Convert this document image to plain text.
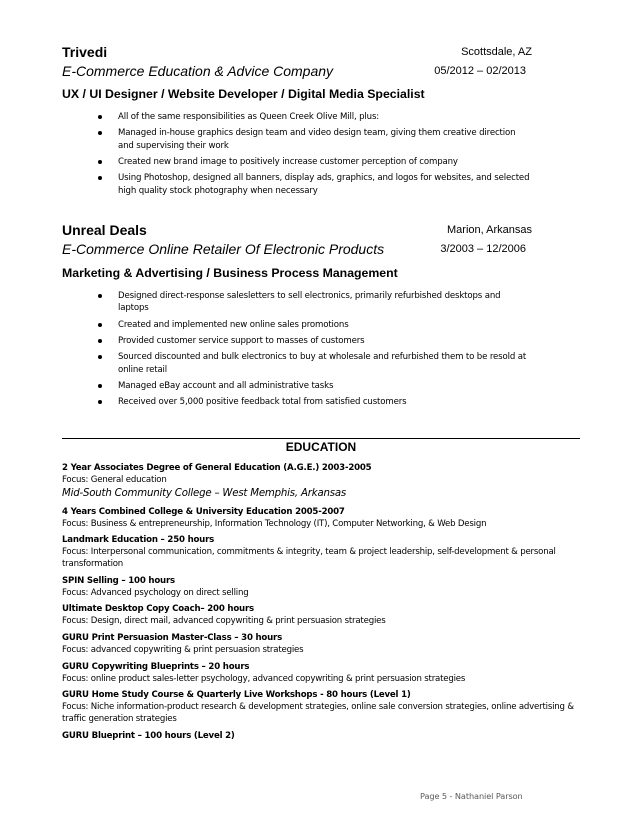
Trivedi	Scottsdale, AZ
E-Commerce Education & Advice Company	05/2012 – 02/2013
UX / UI Designer / Website Developer / Digital Media Specialist
All of the same responsibilities as Queen Creek Olive Mill, plus:
Managed in-house graphics design team and video design team, giving them creative direction and supervising their work
Created new brand image to positively increase customer perception of company
Using Photoshop, designed all banners, display ads, graphics, and logos for websites, and selected high quality stock photography when necessary
Unreal Deals	Marion, Arkansas
E-Commerce Online Retailer Of Electronic Products	3/2003 – 12/2006
Marketing & Advertising / Business Process Management
Designed direct-response salesletters to sell electronics, primarily refurbished desktops and laptops
Created and implemented new online sales promotions
Provided customer service support to masses of customers
Sourced discounted and bulk electronics to buy at wholesale and refurbished them to be resold at online retail
Managed eBay account and all administrative tasks
Received over 5,000 positive feedback total from satisfied customers
EDUCATION
2 Year Associates Degree of General Education (A.G.E.) 2003-2005
Focus: General education
Mid-South Community College – West Memphis, Arkansas
4 Years Combined College & University Education 2005-2007
Focus: Business & entrepreneurship, Information Technology (IT), Computer Networking, & Web Design
Landmark Education – 250 hours
Focus: Interpersonal communication, commitments & integrity, team & project leadership, self-development & personal transformation
SPIN Selling – 100 hours
Focus: Advanced psychology on direct selling
Ultimate Desktop Copy Coach– 200 hours
Focus: Design, direct mail, advanced copywriting & print persuasion strategies
GURU Print Persuasion Master-Class – 30 hours
Focus: advanced copywriting & print persuasion strategies
GURU Copywriting Blueprints – 20 hours
Focus: online product sales-letter psychology, advanced copywriting & print persuasion strategies
GURU Home Study Course & Quarterly Live Workshops - 80 hours (Level 1)
Focus: Niche information-product research & development strategies, online sale conversion strategies, online advertising & traffic generation strategies
GURU Blueprint – 100 hours (Level 2)
Page 5 - Nathaniel Parson
